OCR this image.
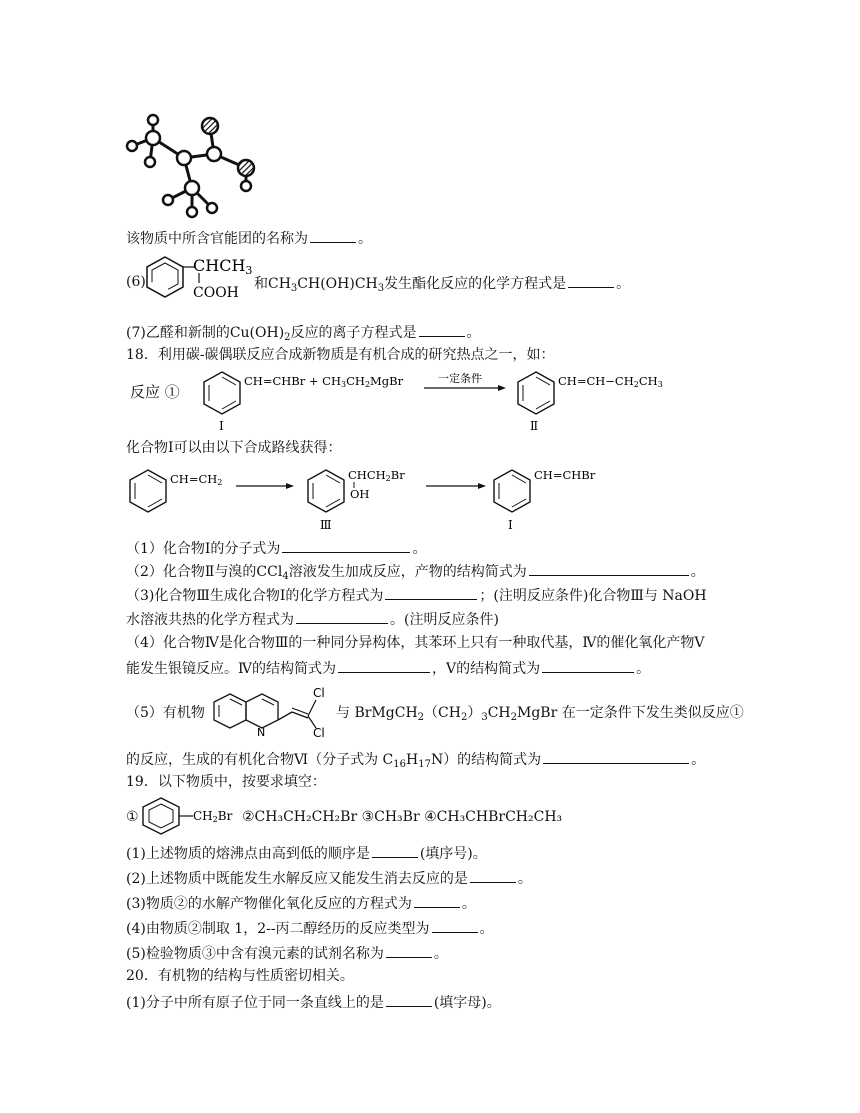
该物质中所含官能团的名称为	。
(6)
CHCH3
COOH
和$CH_3CH(OH)CH_3$发生酯化反应的化学方程式是	。
(7)乙醛和新制的$Cu(OH)_2$反应的离子方程式是	。
18．利用碳-碳偶联反应合成新物质是有机合成的研究热点之一，如：
反应 ①
CH=CHBr + CH3CH2MgBr
Ⅰ
一定条件	CH=CH−CH2CH3
Ⅱ
化合物Ⅰ可以由以下合成路线获得：
CH=CH2
CHCH2Br
OH
Ⅲ
CH=CHBr
Ⅰ
（1）化合物Ⅰ的分子式为	。
（2）化合物Ⅱ与溴的CCl$_4$溶液发生加成反应，产物的结构简式为	。
（3)化合物Ⅲ生成化合物Ⅰ的化学方程式为	；(注明反应条件)化合物Ⅲ与 NaOH
水溶液共热的化学方程式为	。(注明反应条件)
（4）化合物Ⅳ是化合物Ⅲ的一种同分异构体，其苯环上只有一种取代基，Ⅳ的催化氧化产物Ⅴ
能发生银镜反应。Ⅳ的结构简式为	，Ⅴ的结构简式为	。
（5）有机物
N
Cl
Cl
与 $BrMgCH_2(CH_2)_3CH_2MgBr$ 在一定条件下发生类似反应①
的反应，生成的有机化合物Ⅵ（分子式为 $C_{16}H_{17}N$）的结构简式为	。
19．以下物质中，按要求填空：
①	CH2Br ②CH₃CH₂CH₂Br ③CH₃Br ④CH₃CHBrCH₂CH₃
(1)上述物质的熔沸点由高到低的顺序是	(填序号)。
(2)上述物质中既能发生水解反应又能发生消去反应的是	。
(3)物质②的水解产物催化氧化反应的方程式为	。
(4)由物质②制取 1，2--丙二醇经历的反应类型为	。
(5)检验物质③中含有溴元素的试剂名称为	。
20．有机物的结构与性质密切相关。
(1)分子中所有原子位于同一条直线上的是	(填字母)。
